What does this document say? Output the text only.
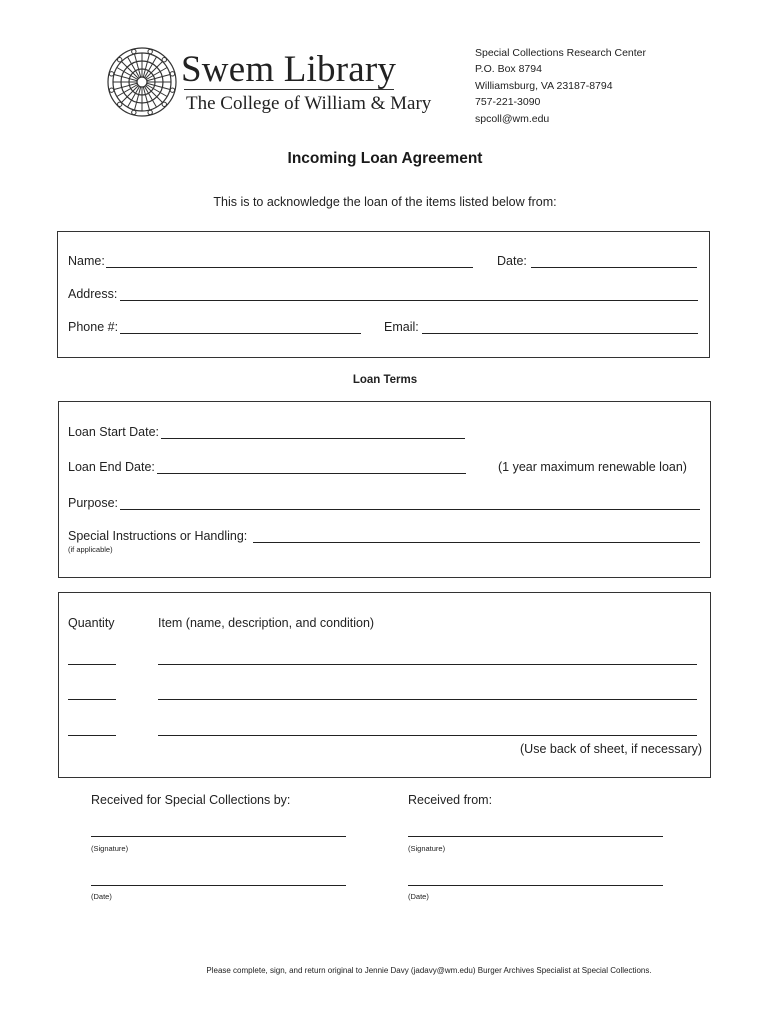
Swem Library
The College of William & Mary
Special Collections Research Center
P.O. Box 8794
Williamsburg, VA 23187-8794
757-221-3090
spcoll@wm.edu
Incoming Loan Agreement
This is to acknowledge the loan of the items listed below from:
Name:	Date:
Address:
Phone #:	Email:
Loan Terms
Loan Start Date:
Loan End Date:	(1 year maximum renewable loan)
Purpose:
Special Instructions or Handling:
(if applicable)
Quantity	Item (name, description, and condition)
(Use back of sheet, if necessary)
Received for Special Collections by:	Received from:
(Signature)	(Signature)
(Date)	(Date)
Please complete, sign, and return original to Jennie Davy (jadavy@wm.edu) Burger Archives Specialist at Special Collections.
